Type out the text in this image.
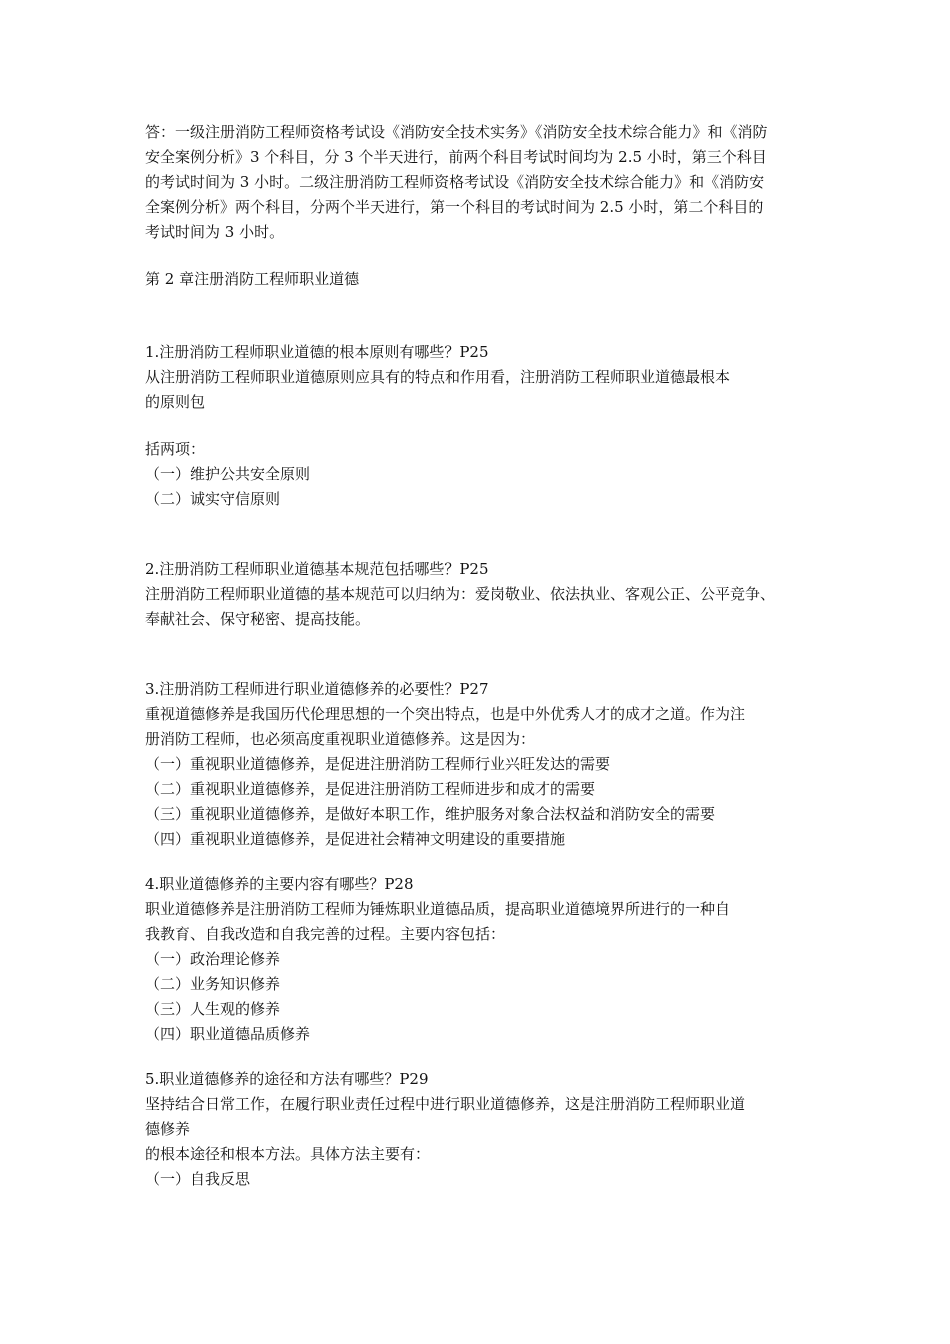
答：一级注册消防工程师资格考试设《消防安全技术实务》《消防安全技术综合能力》和《消防

安全案例分析》3 个科目，分 3 个半天进行，前两个科目考试时间均为 2.5 小时，第三个科目

的考试时间为 3 小时。二级注册消防工程师资格考试设《消防安全技术综合能力》和《消防安

全案例分析》两个科目，分两个半天进行，第一个科目的考试时间为 2.5 小时，第二个科目的

考试时间为 3 小时。

第 2 章注册消防工程师职业道德

1.注册消防工程师职业道德的根本原则有哪些？P25

从注册消防工程师职业道德原则应具有的特点和作用看，注册消防工程师职业道德最根本

的原则包

括两项：

（一）维护公共安全原则

（二）诚实守信原则

2.注册消防工程师职业道德基本规范包括哪些？P25

注册消防工程师职业道德的基本规范可以归纳为：爱岗敬业、依法执业、客观公正、公平竞争、

奉献社会、保守秘密、提高技能。

3.注册消防工程师进行职业道德修养的必要性？P27

重视道德修养是我国历代伦理思想的一个突出特点，也是中外优秀人才的成才之道。作为注

册消防工程师，也必须高度重视职业道德修养。这是因为：

（一）重视职业道德修养，是促进注册消防工程师行业兴旺发达的需要

（二）重视职业道德修养，是促进注册消防工程师进步和成才的需要

（三）重视职业道德修养，是做好本职工作，维护服务对象合法权益和消防安全的需要

（四）重视职业道德修养，是促进社会精神文明建设的重要措施

4.职业道德修养的主要内容有哪些？P28

职业道德修养是注册消防工程师为锤炼职业道德品质，提高职业道德境界所进行的一种自

我教育、自我改造和自我完善的过程。主要内容包括：

（一）政治理论修养

（二）业务知识修养

（三）人生观的修养

（四）职业道德品质修养

5.职业道德修养的途径和方法有哪些？P29

坚持结合日常工作，在履行职业责任过程中进行职业道德修养，这是注册消防工程师职业道

德修养

的根本途径和根本方法。具体方法主要有：

（一）自我反思
